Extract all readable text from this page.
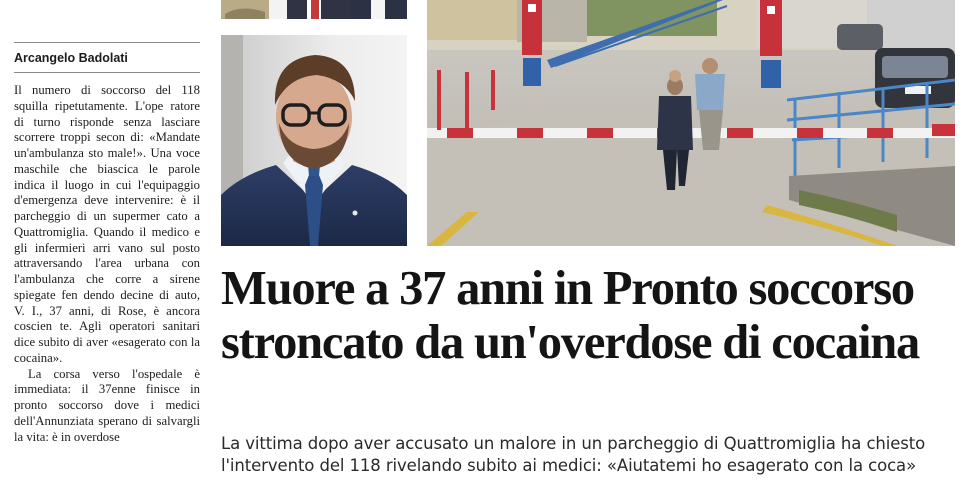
Arcangelo Badolati

Il numero di soccorso del 118 squilla ripetutamente. L'ope ratore di turno risponde senza lasciare scorrere troppi secon di: «Mandate un'ambulanza sto male!». Una voce maschile che biascica le parole indica il luogo in cui l'equipaggio d'emergenza deve intervenire: è il parcheggio di un supermer cato a Quattromiglia. Quando il medico e gli infermieri arri vano sul posto attraversando l'area urbana con l'ambulanza che corre a sirene spiegate fen dendo decine di auto, V. I., 37 anni, di Rose, è ancora coscien te. Agli operatori sanitari dice subito di aver «esagerato con la cocaina».

La corsa verso l'ospedale è immediata: il 37enne finisce in pronto soccorso dove i medici dell'Annunziata sperano di salvargli la vita: è in overdose

Muore a 37 anni in Pronto soccorso
stroncato da un'overdose di cocaina

La vittima dopo aver accusato un malore in un parcheggio di Quattromiglia ha chiesto
l'intervento del 118 rivelando subito ai medici: «Aiutatemi ho esagerato con la coca»
